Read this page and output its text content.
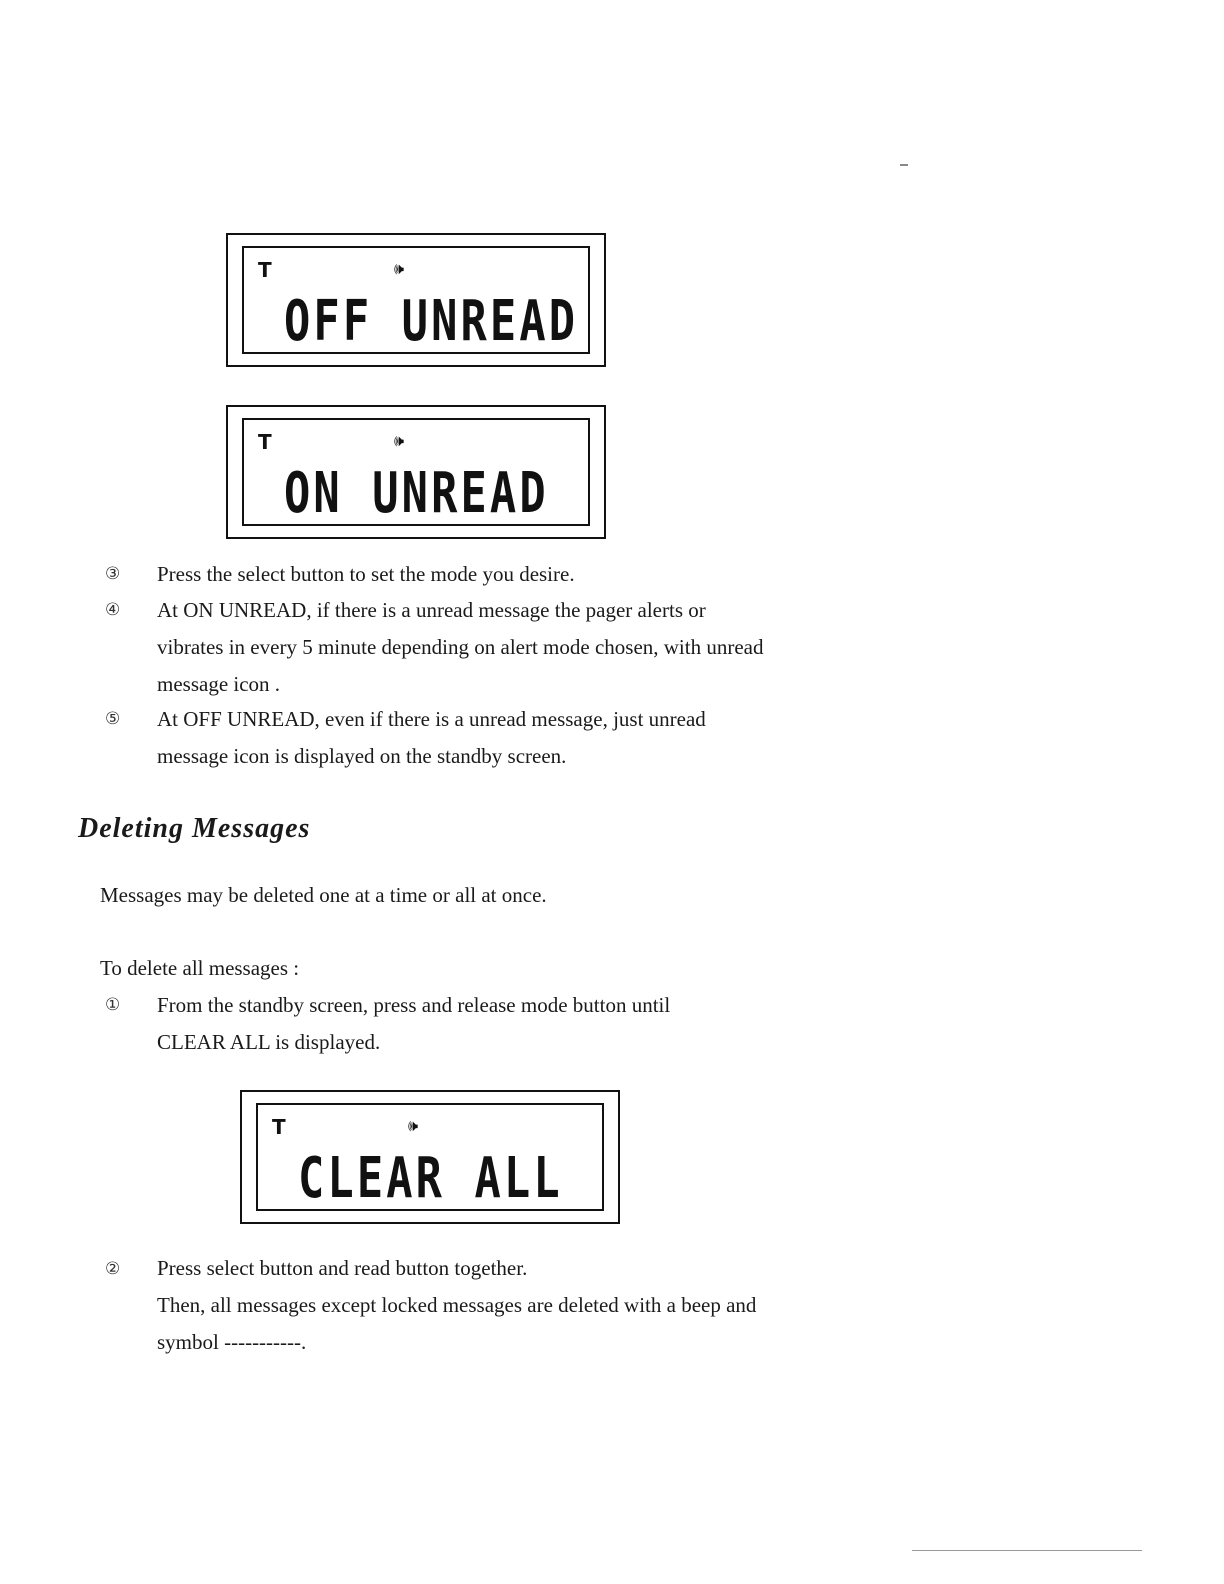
𝗧	🕪
OFF UNREAD
𝗧	🕪
ON UNREAD
③ Press the select button to set the mode you desire.
④ At ON UNREAD, if there is a unread message the pager alerts or
vibrates in every 5 minute depending on alert mode chosen, with unread
message icon .
⑤ At OFF UNREAD, even if there is a unread message, just unread
message icon is displayed on the standby screen.
Deleting Messages
Messages may be deleted one at a time or all at once.
To delete all messages :
① From the standby screen, press and release mode button until
CLEAR ALL is displayed.
𝗧	🕪
CLEAR ALL
② Press select button and read button together.
Then, all messages except locked messages are deleted with a beep and
symbol -----------.
